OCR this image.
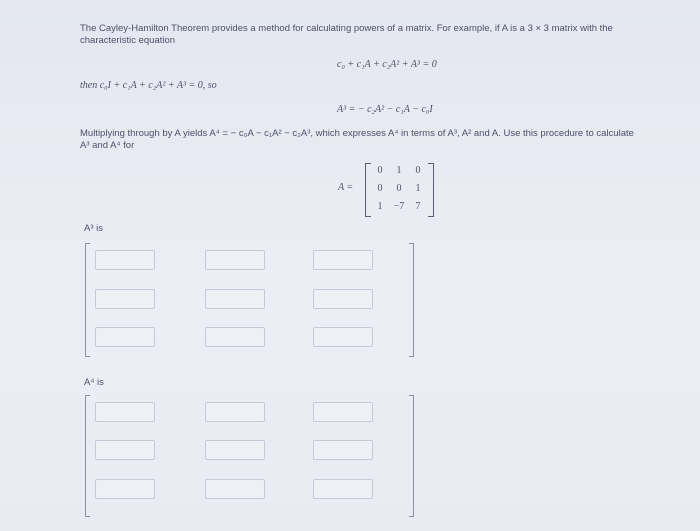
The Cayley-Hamilton Theorem provides a method for calculating powers of a matrix. For example, if A is a 3 × 3 matrix with the
characteristic equation
c₀ + c₁A + c₂A² + A³ = 0
then c₀I + c₁A + c₂A² + A³ = 0, so
A³ = − c₂A² − c₁A − c₀I
Multiplying through by A yields A⁴ = − c₀A − c₁A² − c₂A³, which expresses A⁴ in terms of A³, A² and A. Use this procedure to calculate
A³ and A⁴ for
A =
0	1	0
0	0	1
1	−7	7
A³ is
A⁴ is
